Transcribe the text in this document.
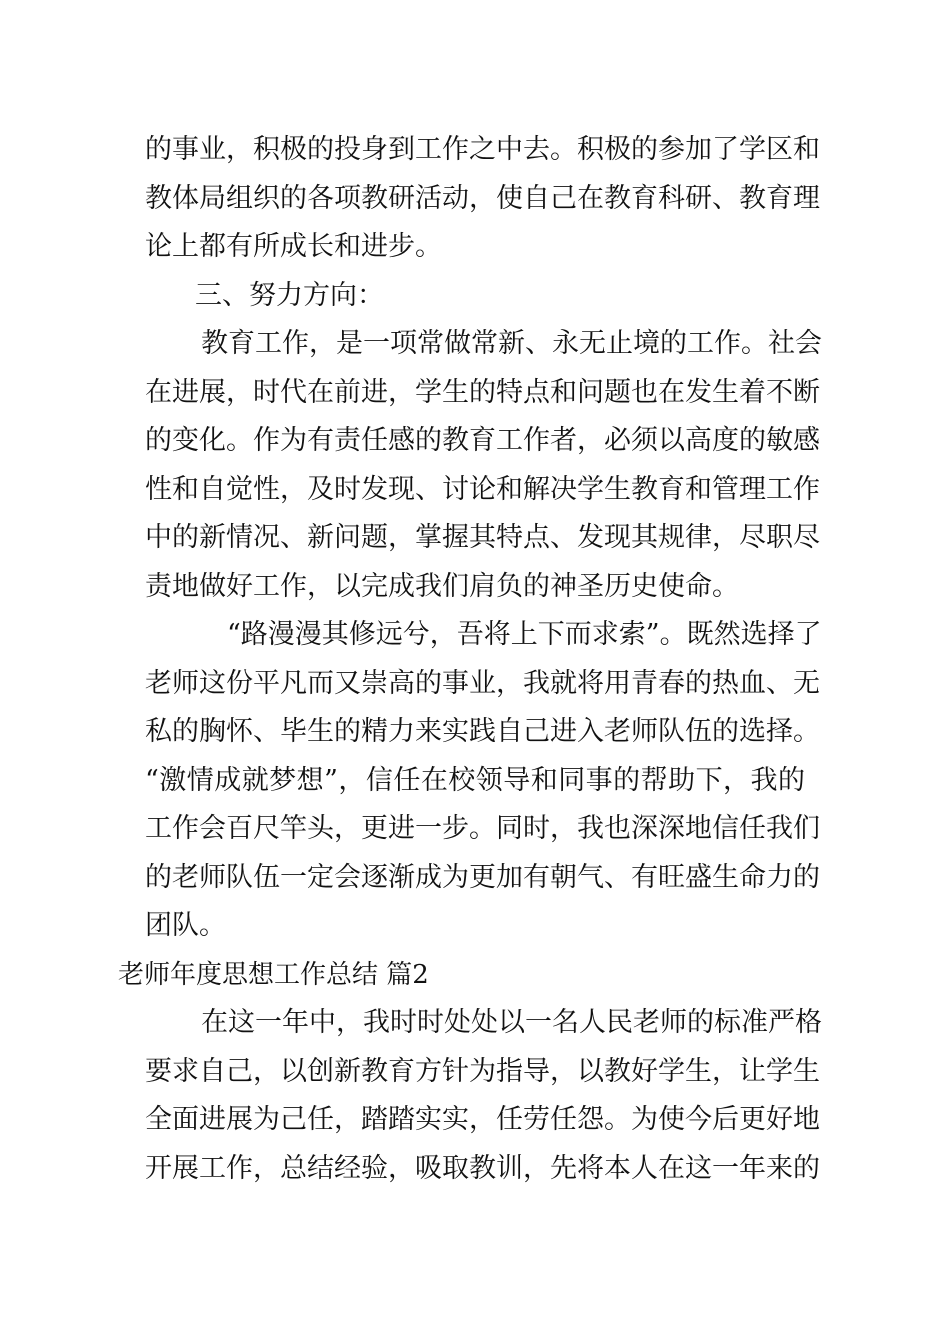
的事业，积极的投身到工作之中去。积极的参加了学区和
教体局组织的各项教研活动，使自己在教育科研、教育理
论上都有所成长和进步。
三、努力方向：
教育工作，是一项常做常新、永无止境的工作。社会
在进展，时代在前进，学生的特点和问题也在发生着不断
的变化。作为有责任感的教育工作者，必须以高度的敏感
性和自觉性，及时发现、讨论和解决学生教育和管理工作
中的新情况、新问题，掌握其特点、发现其规律，尽职尽
责地做好工作，以完成我们肩负的神圣历史使命。
“路漫漫其修远兮，吾将上下而求索”。既然选择了
老师这份平凡而又崇高的事业，我就将用青春的热血、无
私的胸怀、毕生的精力来实践自己进入老师队伍的选择。
“激情成就梦想”，信任在校领导和同事的帮助下，我的
工作会百尺竿头，更进一步。同时，我也深深地信任我们
的老师队伍一定会逐渐成为更加有朝气、有旺盛生命力的
团队。
老师年度思想工作总结 篇2
在这一年中，我时时处处以一名人民老师的标准严格
要求自己，以创新教育方针为指导，以教好学生，让学生
全面进展为己任，踏踏实实，任劳任怨。为使今后更好地
开展工作，总结经验，吸取教训，先将本人在这一年来的
